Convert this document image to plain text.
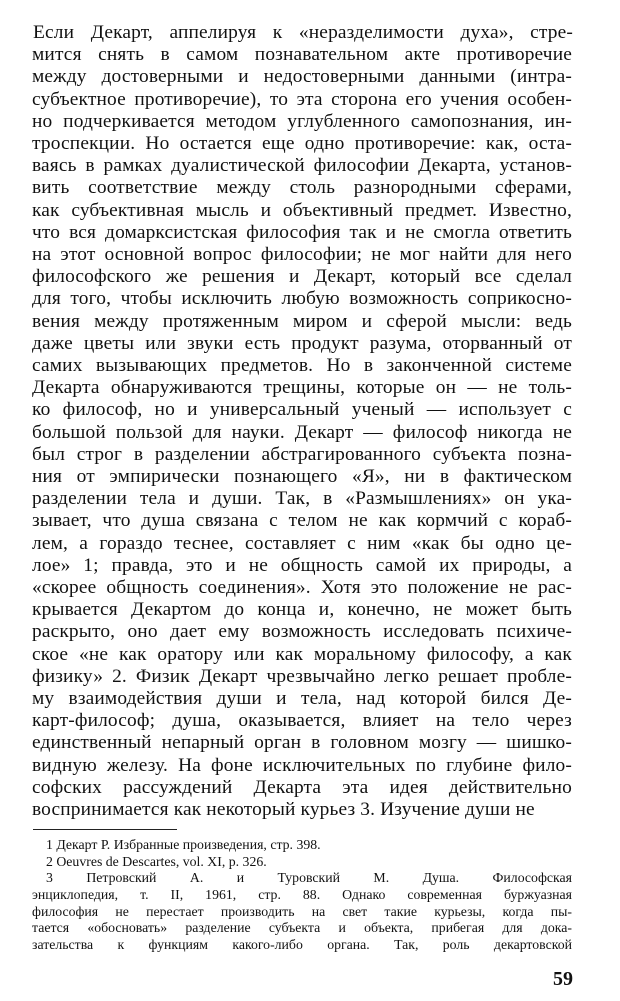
Если Декарт, аппелируя к «неразделимости духа», стре-
мится снять в самом познавательном акте противоречие
между достоверными и недостоверными данными (интра-
субъектное противоречие), то эта сторона его учения особен-
но подчеркивается методом углубленного самопознания, ин-
троспекции. Но остается еще одно противоречие: как, оста-
ваясь в рамках дуалистической философии Декарта, установ-
вить соответствие между столь разнородными сферами,
как субъективная мысль и объективный предмет. Известно,
что вся домарксистская философия так и не смогла ответить
на этот основной вопрос философии; не мог найти для него
философского же решения и Декарт, который все сделал
для того, чтобы исключить любую возможность соприкосно-
вения между протяженным миром и сферой мысли: ведь
даже цветы или звуки есть продукт разума, оторванный от
самих вызывающих предметов. Но в законченной системе
Декарта обнаруживаются трещины, которые он — не толь-
ко философ, но и универсальный ученый — использует с
большой пользой для науки. Декарт — философ никогда не
был строг в разделении абстрагированного субъекта позна-
ния от эмпирически познающего «Я», ни в фактическом
разделении тела и души. Так, в «Размышлениях» он ука-
зывает, что душа связана с телом не как кормчий с кораб-
лем, а гораздо теснее, составляет с ним «как бы одно це-
лое» 1; правда, это и не общность самой их природы, а
«скорее общность соединения». Хотя это положение не рас-
крывается Декартом до конца и, конечно, не может быть
раскрыто, оно дает ему возможность исследовать психиче-
ское «не как оратору или как моральному философу, а как
физику» 2. Физик Декарт чрезвычайно легко решает пробле-
му взаимодействия души и тела, над которой бился Де-
карт-философ; душа, оказывается, влияет на тело через
единственный непарный орган в головном мозгу — шишко-
видную железу. На фоне исключительных по глубине фило-
софских рассуждений Декарта эта идея действительно
воспринимается как некоторый курьез 3. Изучение души не
1 Декарт Р. Избранные произведения, стр. 398.
2 Oeuvres de Descartes, vol. XI, p. 326.
3 Петровский А. и Туровский М. Душа. Философская
энциклопедия, т. II, 1961, стр. 88. Однако современная буржуазная
философия не перестает производить на свет такие курьезы, когда пы-
тается «обосновать» разделение субъекта и объекта, прибегая для дока-
зательства к функциям какого-либо органа. Так, роль декартовской
59
